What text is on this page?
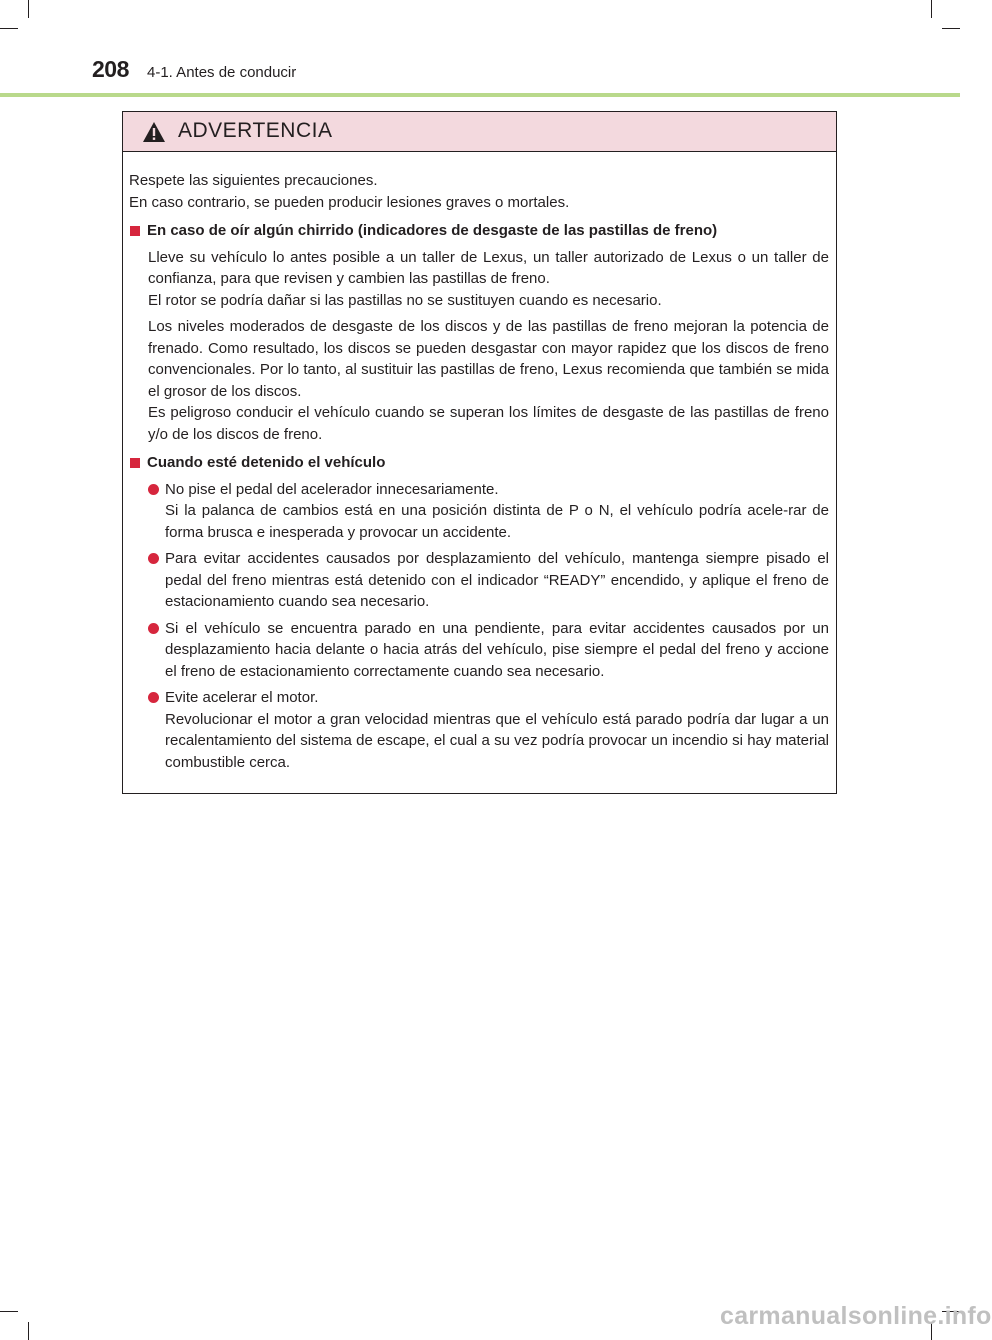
208 4-1. Antes de conducir
ADVERTENCIA

Respete las siguientes precauciones.

En caso contrario, se pueden producir lesiones graves o mortales.

En caso de oír algún chirrido (indicadores de desgaste de las pastillas de freno)

Lleve su vehículo lo antes posible a un taller de Lexus, un taller autorizado de Lexus o un taller de confianza, para que revisen y cambien las pastillas de freno.

El rotor se podría dañar si las pastillas no se sustituyen cuando es necesario.

Los niveles moderados de desgaste de los discos y de las pastillas de freno mejoran la potencia de frenado. Como resultado, los discos se pueden desgastar con mayor rapidez que los discos de freno convencionales. Por lo tanto, al sustituir las pastillas de freno, Lexus recomienda que también se mida el grosor de los discos.

Es peligroso conducir el vehículo cuando se superan los límites de desgaste de las pastillas de freno y/o de los discos de freno.

Cuando esté detenido el vehículo

No pise el pedal del acelerador innecesariamente.

Si la palanca de cambios está en una posición distinta de P o N, el vehículo podría acele-rar de forma brusca e inesperada y provocar un accidente.

Para evitar accidentes causados por desplazamiento del vehículo, mantenga siempre pisado el pedal del freno mientras está detenido con el indicador “READY” encendido, y aplique el freno de estacionamiento cuando sea necesario.

Si el vehículo se encuentra parado en una pendiente, para evitar accidentes causados por un desplazamiento hacia delante o hacia atrás del vehículo, pise siempre el pedal del freno y accione el freno de estacionamiento correctamente cuando sea necesario.

Evite acelerar el motor.

Revolucionar el motor a gran velocidad mientras que el vehículo está parado podría dar lugar a un recalentamiento del sistema de escape, el cual a su vez podría provocar un incendio si hay material combustible cerca.

carmanualsonline.info
